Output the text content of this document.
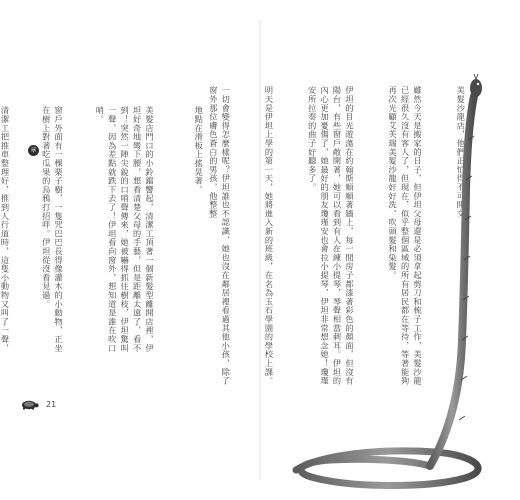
地點在滑板上搖晃著。

美髮店門口的小鈴鐺響起，清潔工頂著一個新髮型離開店裡，伊坦好奇地彎下腰，想看清楚父母的手藝，但是距離太遠了，看不到！突然一陣尖銳的口哨聲傳來，她被嚇得抓住樹枝，伊坦驚叫一聲，因為差點就跌下去了！伊坦看向窗外，想知道是誰在吹口哨。

窗戶外面有一棵栗子樹，一隻咒巴巴長得像灌木的小動物，正坐在樹上對著吃瓜果的烏鴉打招呼。伊坦從沒看見過。

清潔工把推車整理好，推到人行道時，這隻小動物又叫了一聲，

章
21

美髮沙龍店，他們正忙得不可開交。

雖然今天是搬家的日子，但伊坦父母還是必須拿起剪刀和梳子工作，美髮沙龍已經很久沒有客人了，但現在，似乎整個區域的所有居民都在等待，等著能夠再次光顧艾芙瑞美髮沙龍好好洗、吹頭髮和染髮。

伊坦的目光遊蕩在約翰斯順順著牆上，每一間房子都漆著彩色的顏面，但沒有陽台，有些窗戶敞開著，她可以看到有人在練小提琴，琴聲相當刺耳。伊坦的內心更加憂傷了，她最好的朋友瓊瑾安也會拉小提琴，伊坦非常想念她！瓊瑾安所拉奏的曲子好聽多了。

明天是伊坦上學的第一天，她將進入新的班級，在名為玉石學園的學校上課。

一切會變得怎麼樣呢？伊坦誰也不認識，她也沒在鄰居裡看過其他小孩，除了窗外那位膚色蒼白的男孩，他整整
